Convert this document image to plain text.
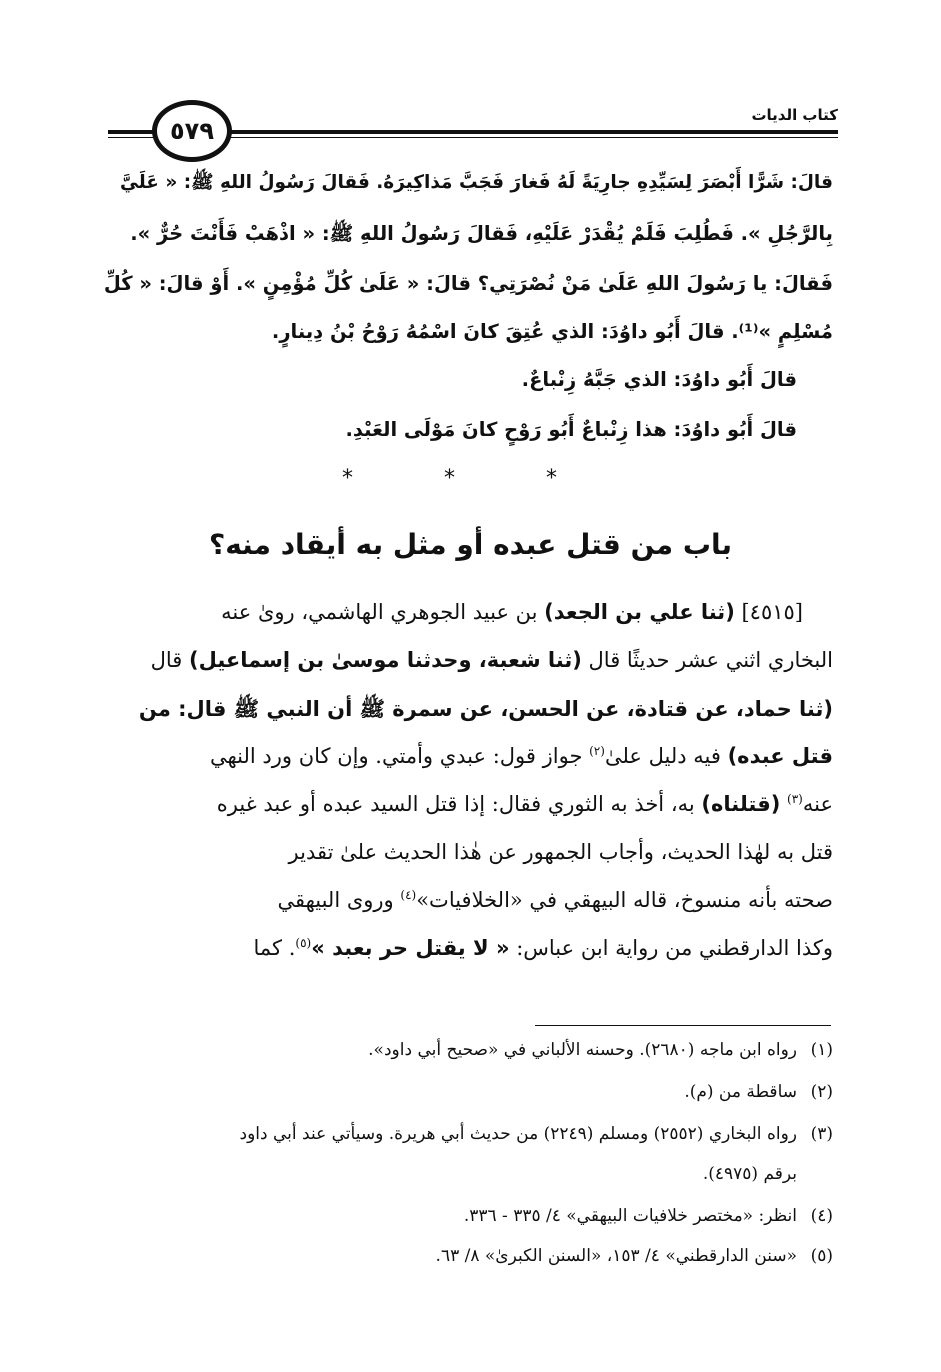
كتاب الديات
٥٧٩
قالَ: شَرًّا أَبْصَرَ لِسَيِّدِهِ جارِيَةً لَهُ فَغارَ فَجَبَّ مَذاكِيرَهُ. فَقالَ رَسُولُ اللهِ ﷺ: « عَلَيَّ
بِالرَّجُلِ ». فَطُلِبَ فَلَمْ يُقْدَرْ عَلَيْهِ، فَقالَ رَسُولُ اللهِ ﷺ: « اذْهَبْ فَأَنْتَ حُرٌّ ».
فَقالَ: يا رَسُولَ اللهِ عَلَىٰ مَنْ نُصْرَتِي؟ قالَ: « عَلَىٰ كُلِّ مُؤْمِنٍ ». أَوْ قالَ: « كُلِّ
مُسْلِمٍ »⁽¹⁾. قالَ أَبُو داوُدَ: الذي عُتِقَ كانَ اسْمُهُ رَوْحُ بْنُ دِينارٍ.
قالَ أَبُو داوُدَ: الذي جَبَّهُ زِنْباعٌ.
قالَ أَبُو داوُدَ: هذا زِنْباعٌ أَبُو رَوْحٍ كانَ مَوْلَى العَبْدِ.
* * *
باب من قتل عبده أو مثل به أيقاد منه؟
[٤٥١٥] (ثنا علي بن الجعد) بن عبيد الجوهري الهاشمي، روىٰ عنه
البخاري اثني عشر حديثًا قال (ثنا شعبة، وحدثنا موسىٰ بن إسماعيل) قال
(ثنا حماد، عن قتادة، عن الحسن، عن سمرة ﷺ أن النبي ﷺ قال: من
قتل عبده) فيه دليل علىٰ$^{(٢)}$ جواز قول: عبدي وأمتي. وإن كان ورد النهي
عنه$^{(٣)}$ (قتلناه) به، أخذ به الثوري فقال: إذا قتل السيد عبده أو عبد غيره
قتل به لهٰذا الحديث، وأجاب الجمهور عن هٰذا الحديث علىٰ تقدير
صحته بأنه منسوخ، قاله البيهقي في «الخلافيات»$^{(٤)}$ وروى البيهقي
وكذا الدارقطني من رواية ابن عباس: « لا يقتل حر بعبد »$^{(٥)}$. كما
(١)رواه ابن ماجه (٢٦٨٠). وحسنه الألباني في «صحيح أبي داود».
(٢)ساقطة من (م).
(٣)رواه البخاري (٢٥٥٢) ومسلم (٢٢٤٩) من حديث أبي هريرة. وسيأتي عند أبي داود
برقم (٤٩٧٥).
(٤)انظر: «مختصر خلافيات البيهقي» ٤/ ٣٣٥ - ٣٣٦.
(٥)«سنن الدارقطني» ٤/ ١٥٣، «السنن الكبرىٰ» ٨/ ٦٣.
